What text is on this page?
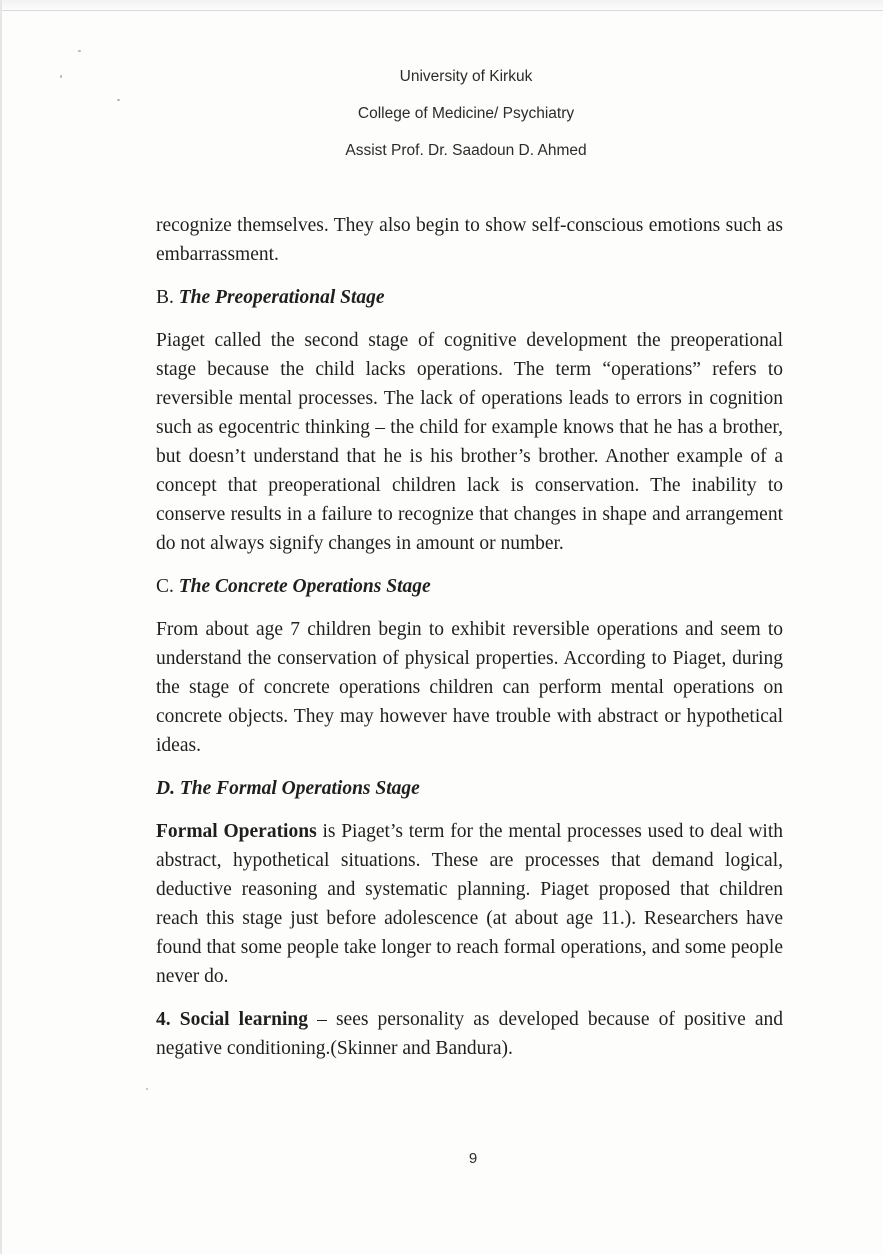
University of Kirkuk
College of Medicine/ Psychiatry
Assist Prof. Dr. Saadoun D. Ahmed

recognize themselves. They also begin to show self-conscious emotions such as embarrassment.

B. The Preoperational Stage

Piaget called the second stage of cognitive development the preoperational stage because the child lacks operations. The term “operations” refers to reversible mental processes. The lack of operations leads to errors in cognition such as egocentric thinking – the child for example knows that he has a brother, but doesn’t understand that he is his brother’s brother. Another example of a concept that preoperational children lack is conservation. The inability to conserve results in a failure to recognize that changes in shape and arrangement do not always signify changes in amount or number.

C. The Concrete Operations Stage

From about age 7 children begin to exhibit reversible operations and seem to understand the conservation of physical properties. According to Piaget, during the stage of concrete operations children can perform mental operations on concrete objects. They may however have trouble with abstract or hypothetical ideas.

D. The Formal Operations Stage

Formal Operations is Piaget’s term for the mental processes used to deal with abstract, hypothetical situations. These are processes that demand logical, deductive reasoning and systematic planning. Piaget proposed that children reach this stage just before adolescence (at about age 11.). Researchers have found that some people take longer to reach formal operations, and some people never do.

4. Social learning – sees personality as developed because of positive and negative conditioning.(Skinner and Bandura).

9
